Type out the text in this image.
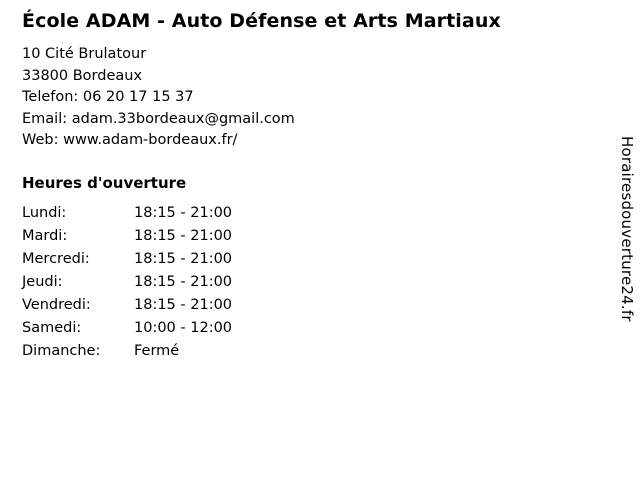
École ADAM - Auto Défense et Arts Martiaux
10 Cité Brulatour
33800 Bordeaux
Telefon: 06 20 17 15 37
Email: adam.33bordeaux@gmail.com
Web: www.adam-bordeaux.fr/
Heures d'ouverture
Lundi:	18:15 - 21:00
Mardi:	18:15 - 21:00
Mercredi:	18:15 - 21:00
Jeudi:	18:15 - 21:00
Vendredi:	18:15 - 21:00
Samedi:	10:00 - 12:00
Dimanche:	Fermé
Horairesdouverture24.fr
